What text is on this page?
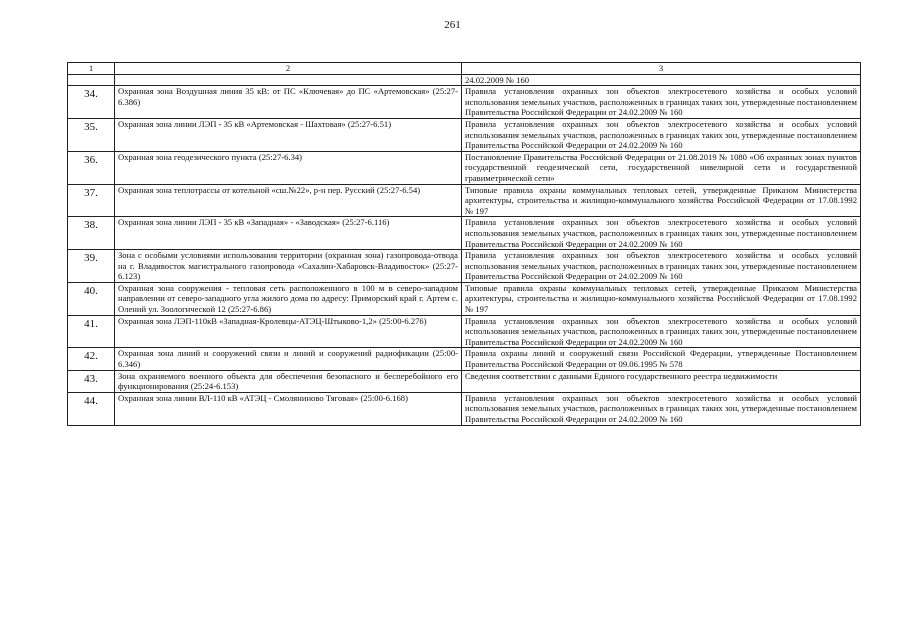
261
1	2	3
		24.02.2009 № 160
34.	Охранная зона Воздушная линия 35 кВ: от ПС «Ключевая» до ПС «Артемовская» (25:27-6.386)	Правила установления охранных зон объектов электросетевого хозяйства и особых условий использования земельных участков, расположенных в границах таких зон, утвержденные постановлением Правительства Российской Федерации от 24.02.2009 № 160
35.	Охранная зона линии ЛЭП - 35 кВ «Артемовская - Шахтовая» (25:27-6.51)	Правила установления охранных зон объектов электросетевого хозяйства и особых условий использования земельных участков, расположенных в границах таких зон, утвержденные постановлением Правительства Российской Федерации от 24.02.2009 № 160
36.	Охранная зона геодезического пункта (25:27-6.34)	Постановление Правительства Российской Федерации от 21.08.2019 № 1080 «Об охранных зонах пунктов государственной геодезической сети, государственной нивелирной сети и государственной гравиметрической сети»
37.	Охранная зона теплотрассы от котельной «сш.№22», р-н пер. Русский (25:27-6.54)	Типовые правила охраны коммунальных тепловых сетей, утвержденные Приказом Министерства архитектуры, строительства и жилищно-коммунального хозяйства Российской Федерации от 17.08.1992 № 197
38.	Охранная зона линии ЛЭП - 35 кВ «Западная» - «Заводская» (25:27-6.116)	Правила установления охранных зон объектов электросетевого хозяйства и особых условий использования земельных участков, расположенных в границах таких зон, утвержденные постановлением Правительства Российской Федерации от 24.02.2009 № 160
39.	Зона с особыми условиями использования территории (охранная зона) газопровода-отвода на г. Владивосток магистрального газопровода «Сахалин-Хабаровск-Владивосток» (25:27-6.123)	Правила установления охранных зон объектов электросетевого хозяйства и особых условий использования земельных участков, расположенных в границах таких зон, утвержденные постановлением Правительства Российской Федерации от 24.02.2009 № 160
40.	Охранная зона сооружения - тепловая сеть расположенного в 100 м в северо-западном направлении от северо-западного угла жилого дома по адресу: Приморский край г. Артем с. Олений ул. Зоологической 12 (25:27-6.86)	Типовые правила охраны коммунальных тепловых сетей, утвержденные Приказом Министерства архитектуры, строительства и жилищно-коммунального хозяйства Российской Федерации от 17.08.1992 № 197
41.	Охранная зона ЛЭП-110кВ «Западная-Кролевцы-АТЭЦ-Штыково-1,2» (25:00-6.276)	Правила установления охранных зон объектов электросетевого хозяйства и особых условий использования земельных участков, расположенных в границах таких зон, утвержденные постановлением Правительства Российской Федерации от 24.02.2009 № 160
42.	Охранная зона линий и сооружений связи и линий и сооружений радиофикации (25:00-6.346)	Правила охраны линий и сооружений связи Российской Федерации, утвержденные Постановлением Правительства Российской Федерации от 09.06.1995 № 578
43.	Зона охраняемого военного объекта для обеспечения безопасного и бесперебойного его функционирования (25:24-6.153)	Сведения соответствии с данными Единого государственного реестра недвижимости
44.	Охранная зона линии ВЛ-110 кВ «АТЭЦ - Смоляниново Тяговая» (25:00-6.168)	Правила установления охранных зон объектов электросетевого хозяйства и особых условий использования земельных участков, расположенных в границах таких зон, утвержденные постановлением Правительства Российской Федерации от 24.02.2009 № 160
